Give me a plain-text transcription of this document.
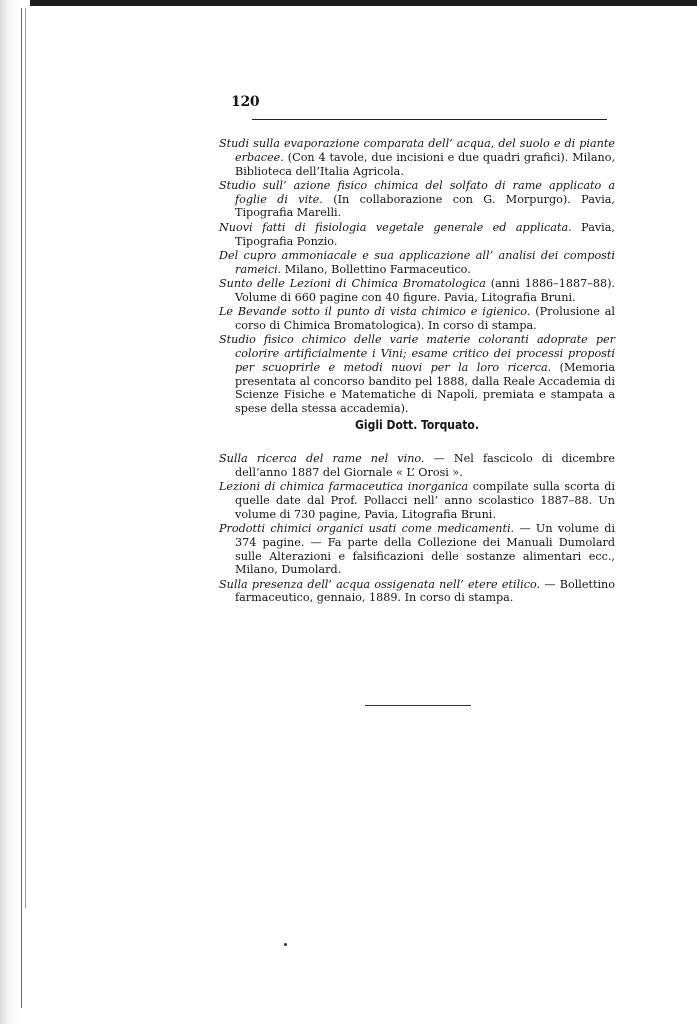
120

Studi sulla evaporazione comparata dell’ acqua, del suolo e di piante erbacee. (Con 4 tavole, due incisioni e due quadri grafici). Milano, Biblioteca dell’Italia Agricola.

Studio sull’ azione fisico chimica del solfato di rame applicato a foglie di vite. (In collaborazione con G. Morpurgo). Pavia, Tipografia Marelli.

Nuovi fatti di fisiologia vegetale generale ed applicata. Pavia, Tipografia Ponzio.

Del cupro ammoniacale e sua applicazione all’ analisi dei composti rameici. Milano, Bollettino Farmaceutico.

Sunto delle Lezioni di Chimica Bromatologica (anni 1886–1887–88). Volume di 660 pagine con 40 figure. Pavia, Litografia Bruni.

Le Bevande sotto il punto di vista chimico e igienico. (Prolusione al corso di Chimica Bromatologica). In corso di stampa.

Studio fisico chimico delle varie materie coloranti adoprate per colorire artificialmente i Vini; esame critico dei processi proposti per scuoprirle e metodi nuovi per la loro ricerca. (Memoria presentata al concorso bandito pel 1888, dalla Reale Accademia di Scienze Fisiche e Matematiche di Napoli, premiata e stampata a spese della stessa accademia).

Gigli Dott. Torquato.

Sulla ricerca del rame nel vino. — Nel fascicolo di dicembre dell’anno 1887 del Giornale « L’ Orosi ».

Lezioni di chimica farmaceutica inorganica compilate sulla scorta di quelle date dal Prof. Pollacci nell’ anno scolastico 1887–88. Un volume di 730 pagine, Pavia, Litografia Bruni.

Prodotti chimici organici usati come medicamenti. — Un volume di 374 pagine. — Fa parte della Collezione dei Manuali Dumolard sulle Alterazioni e falsificazioni delle sostanze alimentari ecc., Milano, Dumolard.

Sulla presenza dell’ acqua ossigenata nell’ etere etilico. — Bollettino farmaceutico, gennaio, 1889. In corso di stampa.
